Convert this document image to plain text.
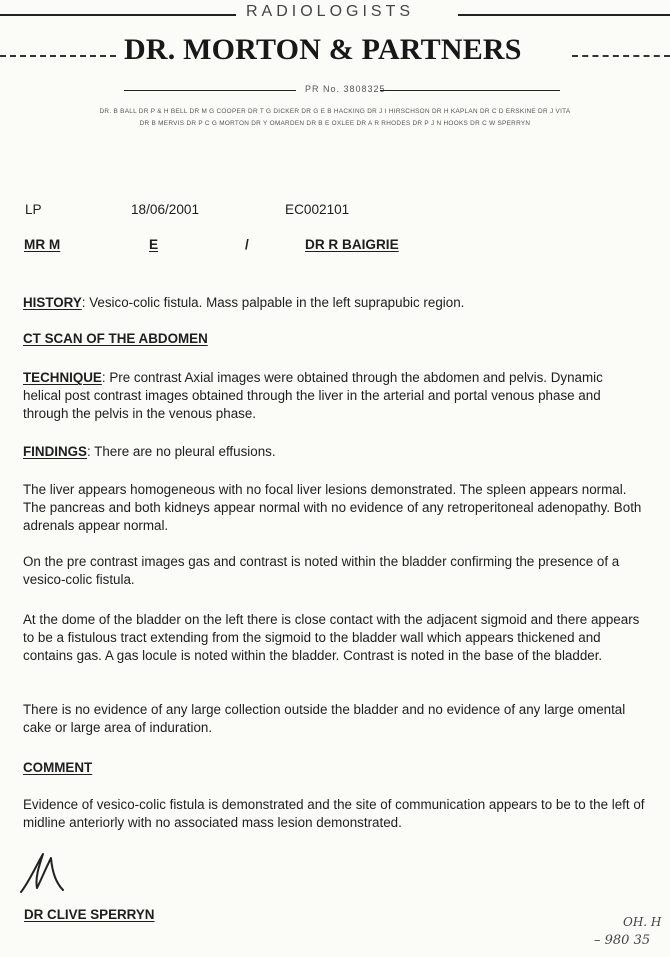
RADIOLOGISTS
DR. MORTON & PARTNERS
PR No. 3808325
DR. B BALL DR P & H BELL DR M G COOPER DR T G DICKER DR G E B HACKING DR J I HIRSCHSON DR H KAPLAN DR C D ERSKINE DR J VITA
DR B MERVIS DR P C G MORTON DR Y OMARDEN DR B E OXLEE DR A R RHODES DR P J N HOOKS DR C W SPERRYN
LP	18/06/2001	EC002101
MR M	E	/	DR R BAIGRIE

HISTORY: Vesico-colic fistula. Mass palpable in the left suprapubic region.

CT SCAN OF THE ABDOMEN

TECHNIQUE: Pre contrast Axial images were obtained through the abdomen and pelvis. Dynamic helical post contrast images obtained through the liver in the arterial and portal venous phase and through the pelvis in the venous phase.

FINDINGS: There are no pleural effusions.

The liver appears homogeneous with no focal liver lesions demonstrated. The spleen appears normal. The pancreas and both kidneys appear normal with no evidence of any retroperitoneal adenopathy. Both adrenals appear normal.

On the pre contrast images gas and contrast is noted within the bladder confirming the presence of a vesico-colic fistula.

At the dome of the bladder on the left there is close contact with the adjacent sigmoid and there appears to be a fistulous tract extending from the sigmoid to the bladder wall which appears thickened and contains gas. A gas locule is noted within the bladder. Contrast is noted in the base of the bladder.

There is no evidence of any large collection outside the bladder and no evidence of any large omental cake or large area of induration.

COMMENT

Evidence of vesico-colic fistula is demonstrated and the site of communication appears to be to the left of midline anteriorly with no associated mass lesion demonstrated.

DR CLIVE SPERRYN	OH. H
– 980 35
